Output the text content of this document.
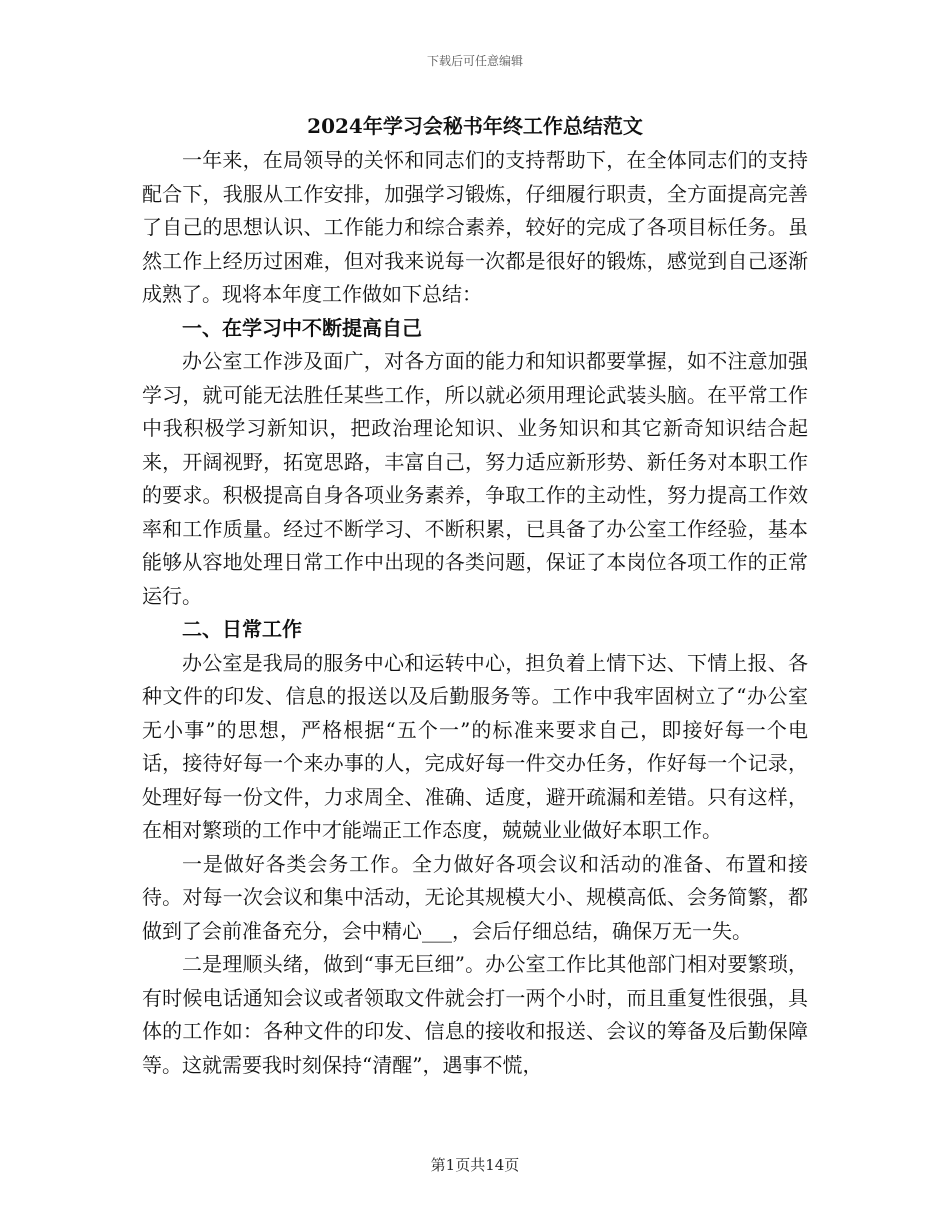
下载后可任意编辑
2024年学习会秘书年终工作总结范文

一年来，在局领导的关怀和同志们的支持帮助下，在全体同志们的支持配合下，我服从工作安排，加强学习锻炼，仔细履行职责，全方面提高完善了自己的思想认识、工作能力和综合素养，较好的完成了各项目标任务。虽然工作上经历过困难，但对我来说每一次都是很好的锻炼，感觉到自己逐渐成熟了。现将本年度工作做如下总结：

一、在学习中不断提高自己

办公室工作涉及面广，对各方面的能力和知识都要掌握，如不注意加强学习，就可能无法胜任某些工作，所以就必须用理论武装头脑。在平常工作中我积极学习新知识，把政治理论知识、业务知识和其它新奇知识结合起来，开阔视野，拓宽思路，丰富自己，努力适应新形势、新任务对本职工作的要求。积极提高自身各项业务素养，争取工作的主动性，努力提高工作效率和工作质量。经过不断学习、不断积累，已具备了办公室工作经验，基本能够从容地处理日常工作中出现的各类问题，保证了本岗位各项工作的正常运行。

二、日常工作

办公室是我局的服务中心和运转中心，担负着上情下达、下情上报、各种文件的印发、信息的报送以及后勤服务等。工作中我牢固树立了“办公室无小事”的思想，严格根据“五个一”的标准来要求自己，即接好每一个电话，接待好每一个来办事的人，完成好每一件交办任务，作好每一个记录，处理好每一份文件，力求周全、准确、适度，避开疏漏和差错。只有这样，在相对繁琐的工作中才能端正工作态度，兢兢业业做好本职工作。

一是做好各类会务工作。全力做好各项会议和活动的准备、布置和接待。对每一次会议和集中活动，无论其规模大小、规模高低、会务简繁，都做到了会前准备充分，会中精心___，会后仔细总结，确保万无一失。

二是理顺头绪，做到“事无巨细”。办公室工作比其他部门相对要繁琐，有时候电话通知会议或者领取文件就会打一两个小时，而且重复性很强，具体的工作如：各种文件的印发、信息的接收和报送、会议的筹备及后勤保障等。这就需要我时刻保持“清醒”，遇事不慌，

第1页共14页
